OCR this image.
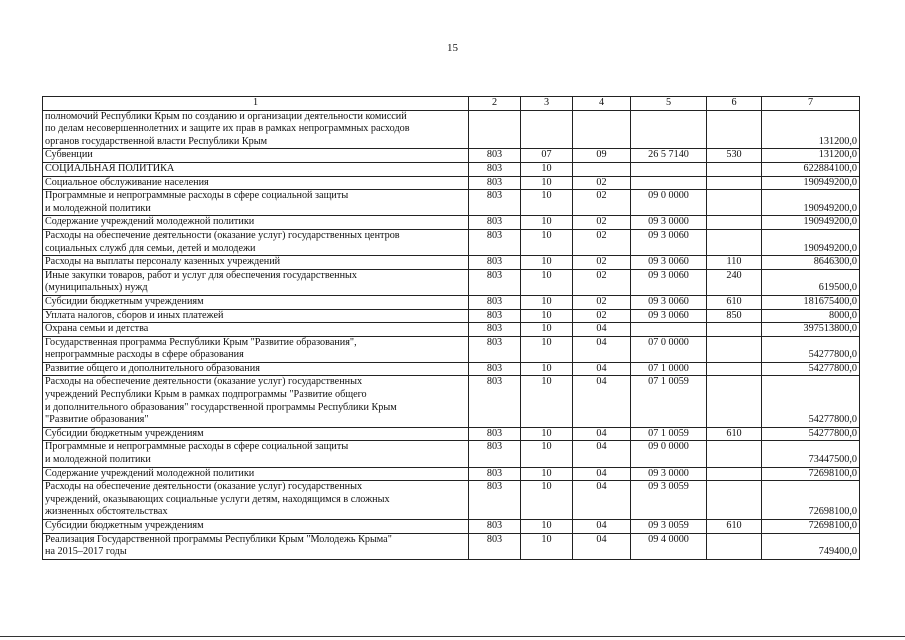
15
1	2	3	4	5	6	7
полномочий Республики Крым по созданию и организации деятельности комиссий
по делам несовершеннолетних и защите их прав в рамках непрограммных расходов
органов государственной власти Республики Крым						131200,0
Субвенции	803	07	09	26 5 7140	530	131200,0
СОЦИАЛЬНАЯ ПОЛИТИКА	803	10				622884100,0
Социальное обслуживание населения	803	10	02			190949200,0
Программные и непрограммные расходы в сфере социальной защиты
и молодежной политики	803	10	02	09 0 0000		190949200,0
Содержание учреждений молодежной политики	803	10	02	09 3 0000		190949200,0
Расходы на обеспечение деятельности (оказание услуг) государственных центров
социальных служб для семьи, детей и молодежи	803	10	02	09 3 0060		190949200,0
Расходы на выплаты персоналу казенных учреждений	803	10	02	09 3 0060	110	8646300,0
Иные закупки товаров, работ и услуг для обеспечения государственных
(муниципальных) нужд	803	10	02	09 3 0060	240	619500,0
Субсидии бюджетным учреждениям	803	10	02	09 3 0060	610	181675400,0
Уплата налогов, сборов и иных платежей	803	10	02	09 3 0060	850	8000,0
Охрана семьи и детства	803	10	04			397513800,0
Государственная программа Республики Крым "Развитие образования",
непрограммные расходы в сфере образования	803	10	04	07 0 0000		54277800,0
Развитие общего и дополнительного образования	803	10	04	07 1 0000		54277800,0
Расходы на обеспечение деятельности (оказание услуг) государственных
учреждений Республики Крым в рамках подпрограммы "Развитие общего
и дополнительного образования" государственной программы Республики Крым
"Развитие образования"	803	10	04	07 1 0059		54277800,0
Субсидии бюджетным учреждениям	803	10	04	07 1 0059	610	54277800,0
Программные и непрограммные расходы в сфере социальной защиты
и молодежной политики	803	10	04	09 0 0000		73447500,0
Содержание учреждений молодежной политики	803	10	04	09 3 0000		72698100,0
Расходы на обеспечение деятельности (оказание услуг) государственных
учреждений, оказывающих социальные услуги детям, находящимся в сложных
жизненных обстоятельствах	803	10	04	09 3 0059		72698100,0
Субсидии бюджетным учреждениям	803	10	04	09 3 0059	610	72698100,0
Реализация Государственной программы Республики Крым "Молодежь Крыма"
на 2015–2017 годы	803	10	04	09 4 0000		749400,0
